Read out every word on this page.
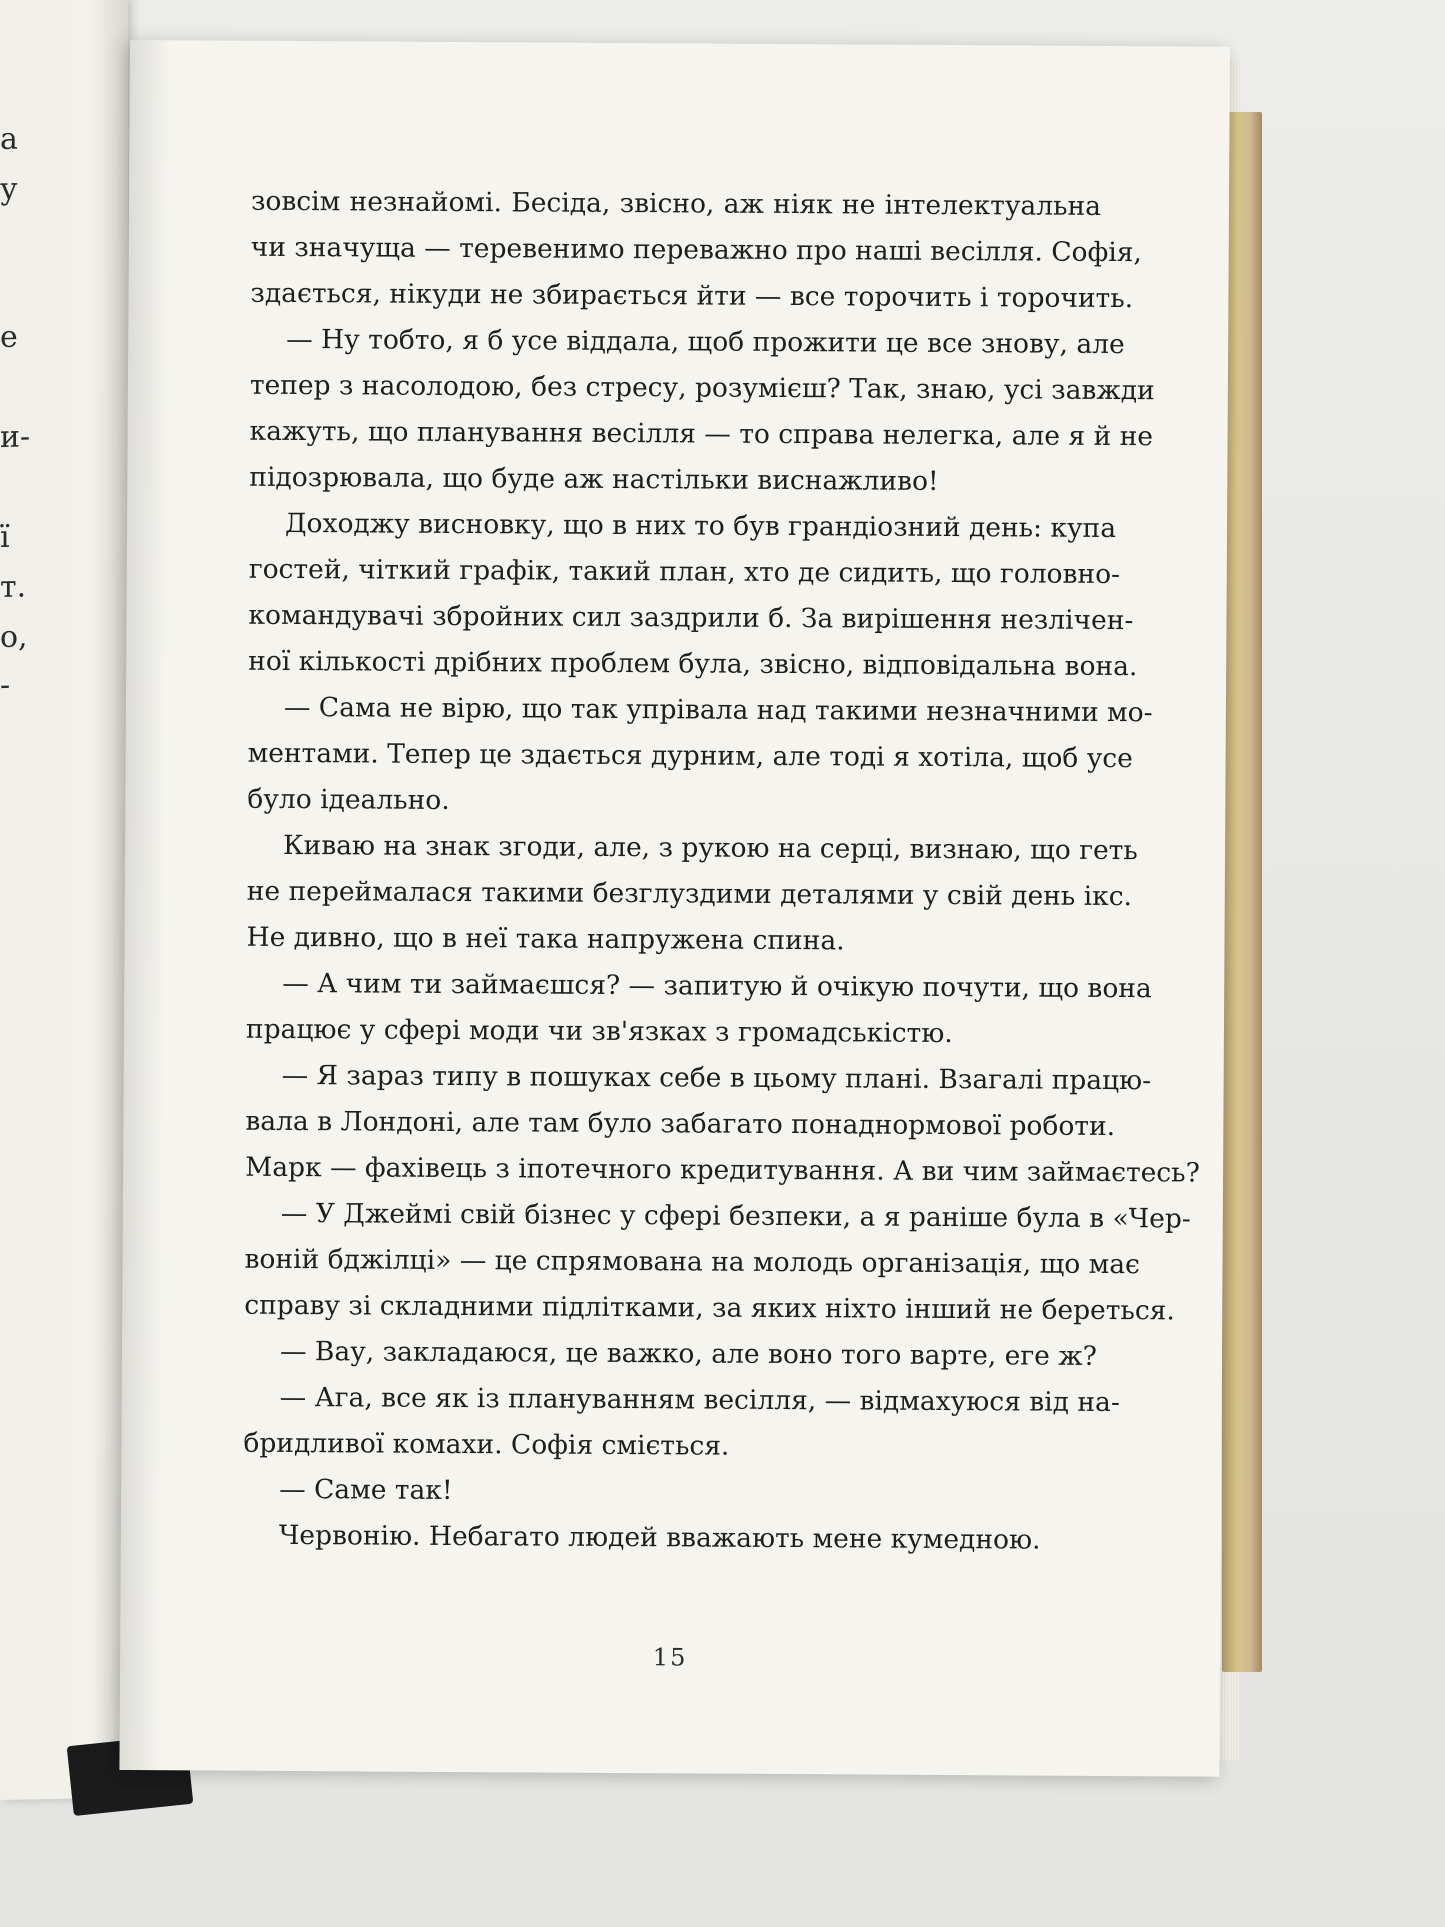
а
у
е
и-
ї
т.
о,
-
зовсім незнайомі. Бесіда, звісно, аж ніяк не інтелектуальна
чи значуща — теревенимо переважно про наші весілля. Софія,
здається, нікуди не збирається йти — все торочить і торочить.
— Ну тобто, я б усе віддала, щоб прожити це все знову, але
тепер з насолодою, без стресу, розумієш? Так, знаю, усі завжди
кажуть, що планування весілля — то справа нелегка, але я й не
підозрювала, що буде аж настільки виснажливо!
Доходжу висновку, що в них то був грандіозний день: купа
гостей, чіткий графік, такий план, хто де сидить, що головно-
командувачі збройних сил заздрили б. За вирішення незлічен-
ної кількості дрібних проблем була, звісно, відповідальна вона.
— Сама не вірю, що так упрівала над такими незначними мо-
ментами. Тепер це здається дурним, але тоді я хотіла, щоб усе
було ідеально.
Киваю на знак згоди, але, з рукою на серці, визнаю, що геть
не переймалася такими безглуздими деталями у свій день ікс.
Не дивно, що в неї така напружена спина.
— А чим ти займаєшся? — запитую й очікую почути, що вона
працює у сфері моди чи зв'язках з громадськістю.
— Я зараз типу в пошуках себе в цьому плані. Взагалі працю-
вала в Лондоні, але там було забагато понаднормової роботи.
Марк — фахівець з іпотечного кредитування. А ви чим займаєтесь?
— У Джеймі свій бізнес у сфері безпеки, а я раніше була в «Чер-
воній бджілці» — це спрямована на молодь організація, що має
справу зі складними підлітками, за яких ніхто інший не береться.
— Вау, закладаюся, це важко, але воно того варте, еге ж?
— Ага, все як із плануванням весілля, — відмахуюся від на-
бридливої комахи. Софія сміється.
— Саме так!
Червонію. Небагато людей вважають мене кумедною.
15
